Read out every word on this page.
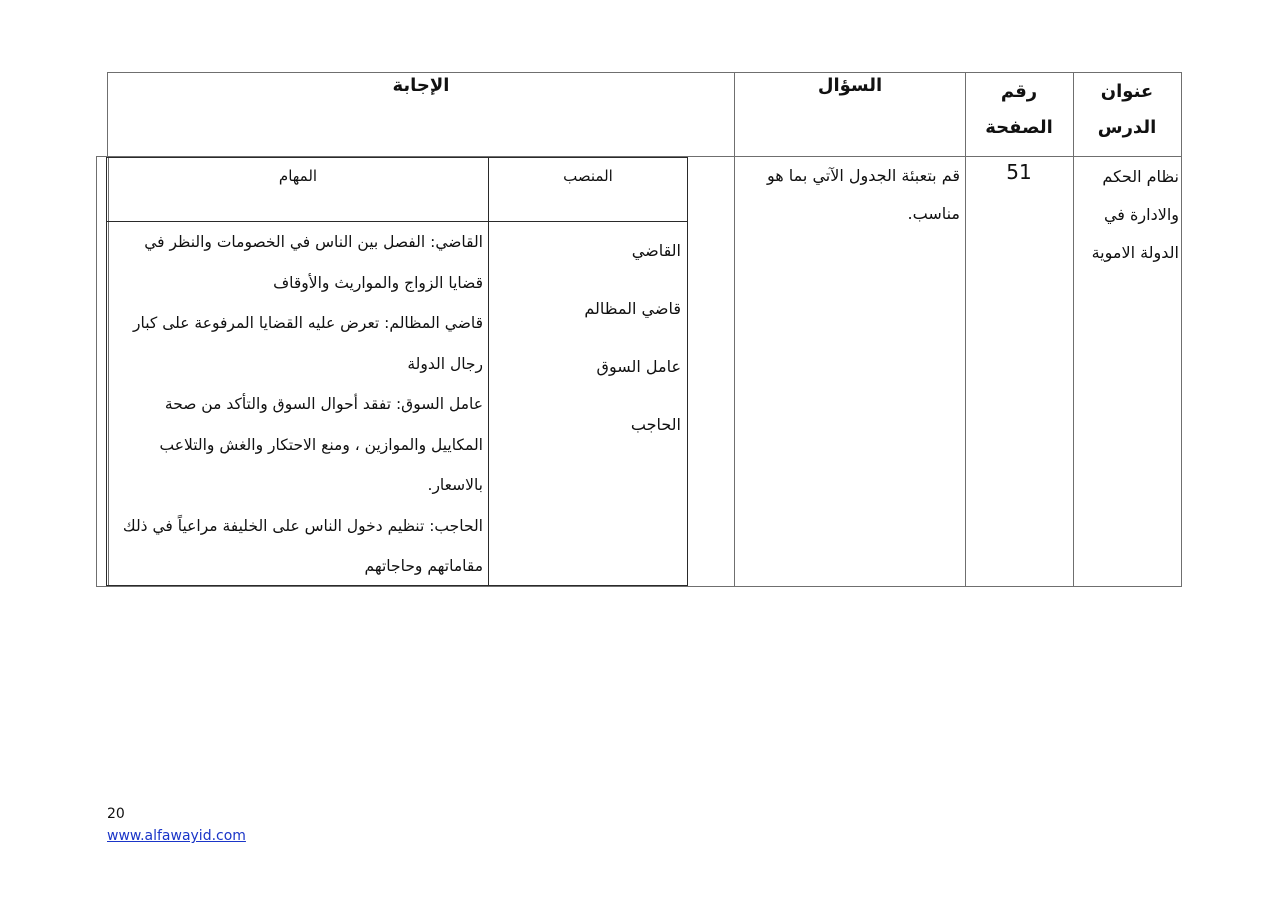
عنوان
الدرس
رقم
الصفحة
السؤال
الإجابة
نظام الحكم
والادارة في
الدولة الاموية
51
قم بتعبئة الجدول الآتي بما هو
مناسب.
المنصب
المهام
القاضي
قاضي المظالم
عامل السوق
الحاجب
القاضي: الفصل بين الناس في الخصومات والنظر في
قضايا الزواج والمواريث والأوقاف
قاضي المظالم: تعرض عليه القضايا المرفوعة على كبار
رجال الدولة
عامل السوق: تفقد أحوال السوق والتأكد من صحة
المكاييل والموازين ، ومنع الاحتكار والغش والتلاعب
بالاسعار.
الحاجب: تنظيم دخول الناس على الخليفة مراعياً في ذلك
مقاماتهم وحاجاتهم
20
www.alfawayid.com
